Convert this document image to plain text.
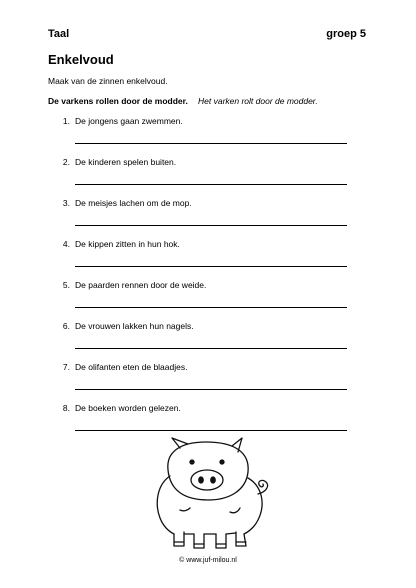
Taal	groep 5
Enkelvoud
Maak van de zinnen enkelvoud.
De varkens rollen door de modder. Het varken rolt door de modder.
1. De jongens gaan zwemmen.
2. De kinderen spelen buiten.
3. De meisjes lachen om de mop.
4. De kippen zitten in hun hok.
5. De paarden rennen door de weide.
6. De vrouwen lakken hun nagels.
7. De olifanten eten de blaadjes.
8. De boeken worden gelezen.
© www.juf-milou.nl
